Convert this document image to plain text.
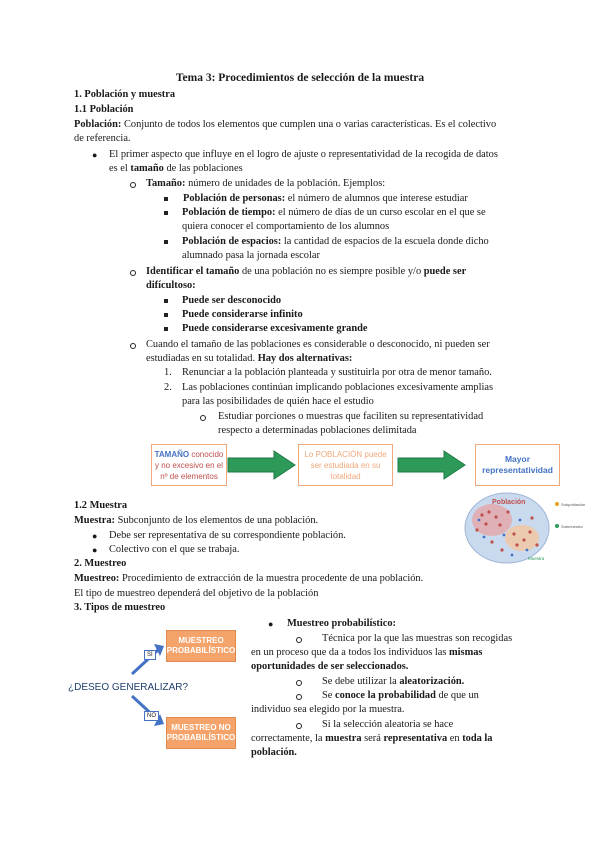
Tema 3: Procedimientos de selección de la muestra
1. Población y muestra
1.1 Población
Población: Conjunto de todos los elementos que cumplen una o varias características. Es el colectivo
de referencia.
● El primer aspecto que influye en el logro de ajuste o representatividad de la recogida de datos
es el tamaño de las poblaciones
Tamaño: número de unidades de la población. Ejemplos:
Población de personas: el número de alumnos que interese estudiar
Población de tiempo: el número de días de un curso escolar en el que se
quiera conocer el comportamiento de los alumnos
Población de espacios: la cantidad de espacios de la escuela donde dicho
alumnado pasa la jornada escolar
Identificar el tamaño de una población no es siempre posible y/o puede ser
difícultoso:
Puede ser desconocido
Puede considerarse infinito
Puede considerarse excesivamente grande
Cuando el tamaño de las poblaciones es considerable o desconocido, ni pueden ser
estudiadas en su totalidad. Hay dos alternativas:
1. Renunciar a la población planteada y sustituirla por otra de menor tamaño.
2. Las poblaciones continúan implicando poblaciones excesivamente amplias
para las posibilidades de quién hace el estudio
Estudiar porciones o muestras que faciliten su representatividad
respecto a determinadas poblaciones delimitada
TAMAÑO conocido y no excesivo en el nº de elementos
Lo POBLACIÓN puede ser estudiada en su totalidad
Mayor representatividad
Población
Muestra
Subpoblación
Submuestra
1.2 Muestra
Muestra: Subconjunto de los elementos de una población.
● Debe ser representativa de su correspondiente población.
● Colectivo con el que se trabaja.
2. Muestreo
Muestreo: Procedimiento de extracción de la muestra procedente de una población.
El tipo de muestreo dependerá del objetivo de la población
3. Tipos de muestreo
MUESTREO PROBABILÍSTICO
MUESTREO NO PROBABILÍSTICO
¿DESEO GENERALIZAR?
SÍ
NO
● Muestreo probabilístico:
Técnica por la que las muestras son recogidas
en un proceso que da a todos los individuos las mismas
oportunidades de ser seleccionados.
Se debe utilizar la aleatorización.
Se conoce la probabilidad de que un
individuo sea elegido por la muestra.
Si la selección aleatoria se hace
correctamente, la muestra será representativa en toda la
población.
